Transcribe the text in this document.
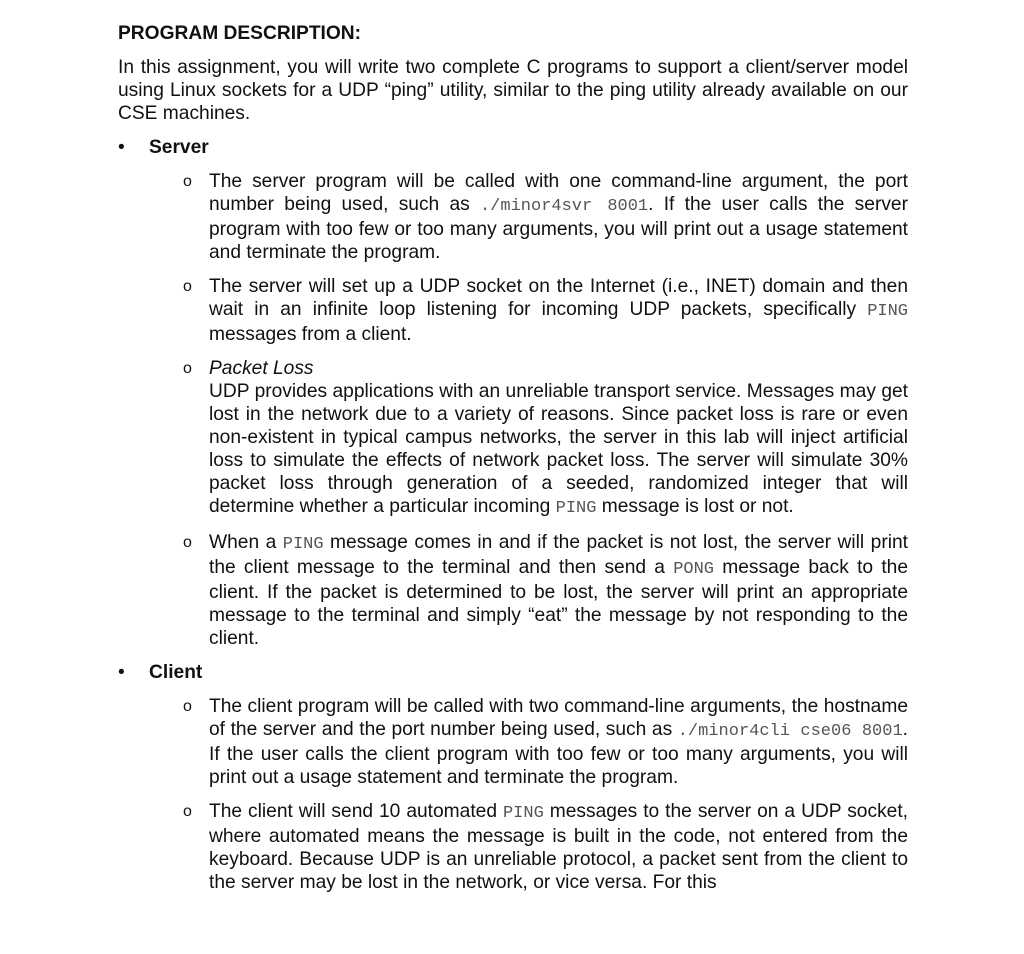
PROGRAM DESCRIPTION:

In this assignment, you will write two complete C programs to support a client/server model using Linux sockets for a UDP “ping” utility, similar to the ping utility already available on our CSE machines.

• Server
o The server program will be called with one command-line argument, the port number being used, such as ./minor4svr 8001. If the user calls the server program with too few or too many arguments, you will print out a usage statement and terminate the program.
o The server will set up a UDP socket on the Internet (i.e., INET) domain and then wait in an infinite loop listening for incoming UDP packets, specifically PING messages from a client.
o Packet Loss
UDP provides applications with an unreliable transport service. Messages may get lost in the network due to a variety of reasons. Since packet loss is rare or even non-existent in typical campus networks, the server in this lab will inject artificial loss to simulate the effects of network packet loss. The server will simulate 30% packet loss through generation of a seeded, randomized integer that will determine whether a particular incoming PING message is lost or not.
o When a PING message comes in and if the packet is not lost, the server will print the client message to the terminal and then send a PONG message back to the client. If the packet is determined to be lost, the server will print an appropriate message to the terminal and simply “eat” the message by not responding to the client.
• Client
o The client program will be called with two command-line arguments, the hostname of the server and the port number being used, such as ./minor4cli cse06 8001. If the user calls the client program with too few or too many arguments, you will print out a usage statement and terminate the program.
o The client will send 10 automated PING messages to the server on a UDP socket, where automated means the message is built in the code, not entered from the keyboard. Because UDP is an unreliable protocol, a packet sent from the client to the server may be lost in the network, or vice versa. For this
